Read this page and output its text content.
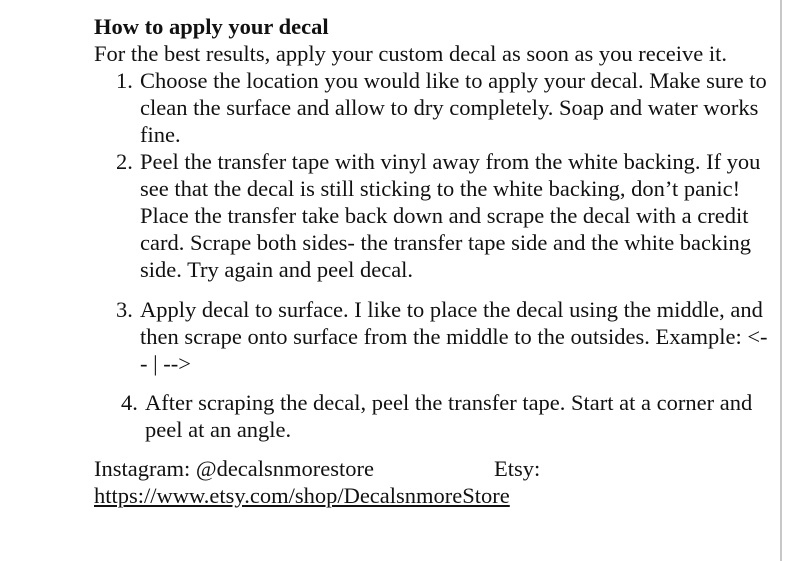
How to apply your decal

For the best results, apply your custom decal as soon as you receive it.

1. Choose the location you would like to apply your decal. Make sure to clean the surface and allow to dry completely. Soap and water works fine.
2. Peel the transfer tape with vinyl away from the white backing. If you see that the decal is still sticking to the white backing, don’t panic! Place the transfer take back down and scrape the decal with a credit card. Scrape both sides- the transfer tape side and the white backing side. Try again and peel decal.
3. Apply decal to surface. I like to place the decal using the middle, and then scrape onto surface from the middle to the outsides. Example: <-- | -->
4. After scraping the decal, peel the transfer tape. Start at a corner and peel at an angle.
Instagram: @decalsnmorestore	Etsy:
https://www.etsy.com/shop/DecalsnmoreStore
